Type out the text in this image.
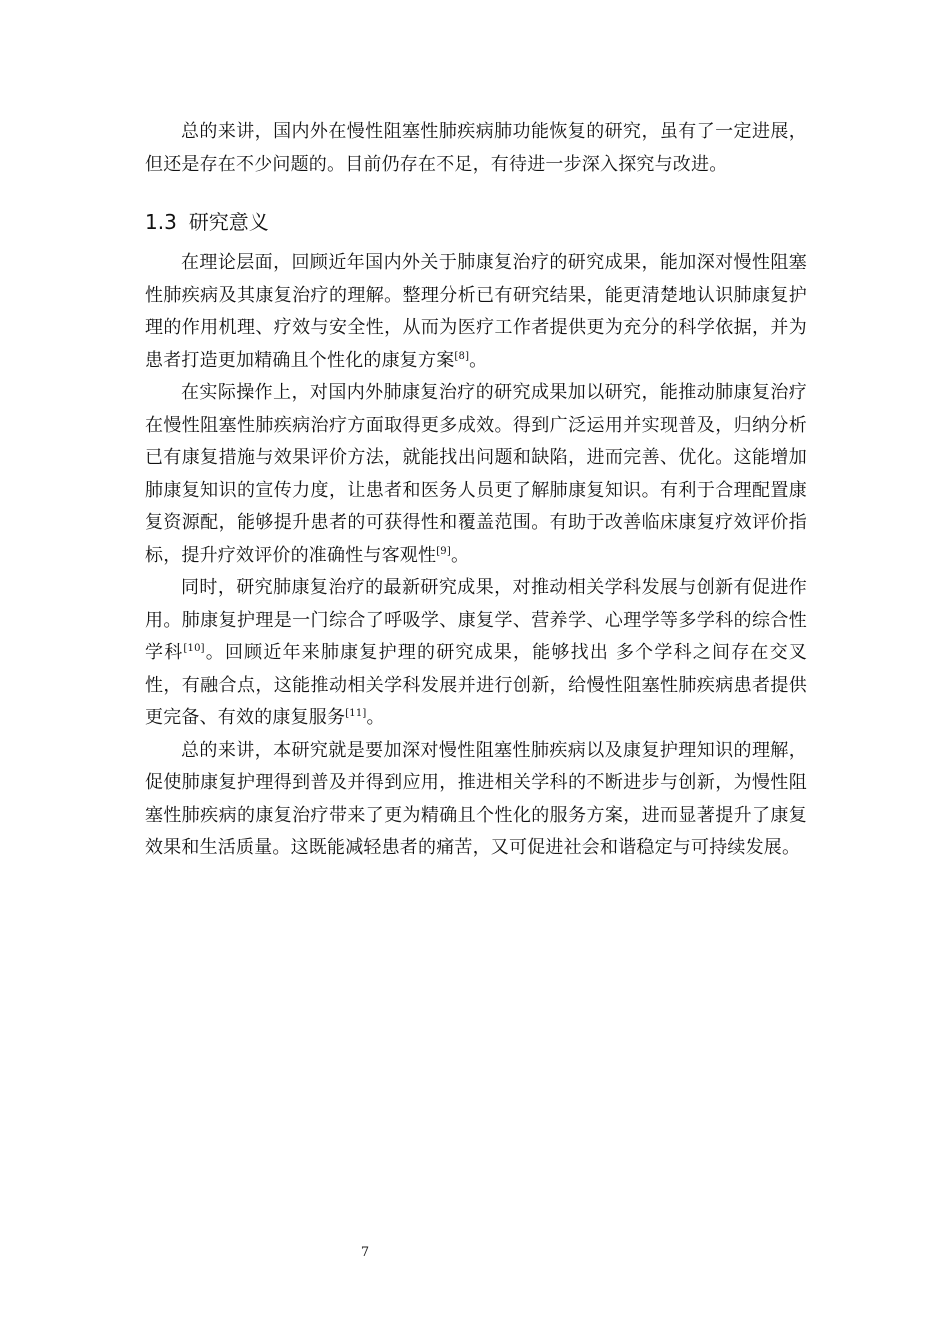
总的来讲，国内外在慢性阻塞性肺疾病肺功能恢复的研究，虽有了一定进展，但还是存在不少问题的。目前仍存在不足，有待进一步深入探究与改进。

1.3 研究意义

在理论层面，回顾近年国内外关于肺康复治疗的研究成果，能加深对慢性阻塞性肺疾病及其康复治疗的理解。整理分析已有研究结果，能更清楚地认识肺康复护理的作用机理、疗效与安全性，从而为医疗工作者提供更为充分的科学依据，并为患者打造更加精确且个性化的康复方案[8]。

在实际操作上，对国内外肺康复治疗的研究成果加以研究，能推动肺康复治疗在慢性阻塞性肺疾病治疗方面取得更多成效。得到广泛运用并实现普及，归纳分析已有康复措施与效果评价方法，就能找出问题和缺陷，进而完善、优化。这能增加肺康复知识的宣传力度，让患者和医务人员更了解肺康复知识。有利于合理配置康复资源配，能够提升患者的可获得性和覆盖范围。有助于改善临床康复疗效评价指标，提升疗效评价的准确性与客观性[9]。

同时，研究肺康复治疗的最新研究成果，对推动相关学科发展与创新有促进作用。肺康复护理是一门综合了呼吸学、康复学、营养学、心理学等多学科的综合性学科[10]。回顾近年来肺康复护理的研究成果，能够找出 多个学科之间存在交叉性，有融合点，这能推动相关学科发展并进行创新，给慢性阻塞性肺疾病患者提供更完备、有效的康复服务[11]。

总的来讲，本研究就是要加深对慢性阻塞性肺疾病以及康复护理知识的理解，促使肺康复护理得到普及并得到应用，推进相关学科的不断进步与创新，为慢性阻塞性肺疾病的康复治疗带来了更为精确且个性化的服务方案，进而显著提升了康复效果和生活质量。这既能减轻患者的痛苦，又可促进社会和谐稳定与可持续发展。

7
